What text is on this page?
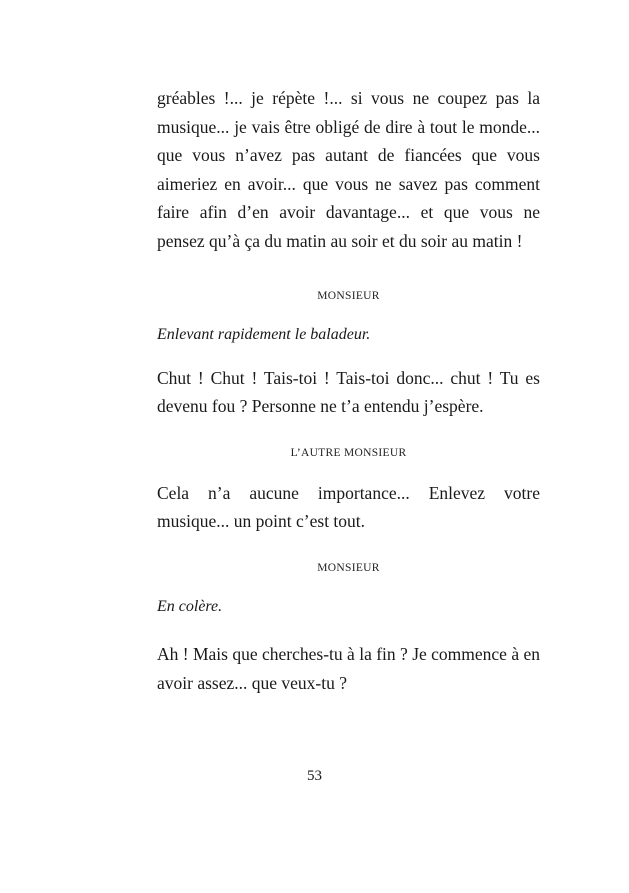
gréables !... je répète !... si vous ne coupez pas la musique... je vais être obligé de dire à tout le monde... que vous n’avez pas autant de fiancées que vous aimeriez en avoir... que vous ne savez pas comment faire afin d’en avoir davantage... et que vous ne pensez qu’à ça du matin au soir et du soir au matin !

MONSIEUR

Enlevant rapidement le baladeur.

Chut ! Chut ! Tais-toi ! Tais-toi donc... chut ! Tu es devenu fou ? Personne ne t’a entendu j’espère.

L’AUTRE MONSIEUR

Cela n’a aucune importance... Enlevez votre musique... un point c’est tout.

MONSIEUR

En colère.

Ah ! Mais que cherches-tu à la fin ? Je commence à en avoir assez... que veux-tu ?

53
